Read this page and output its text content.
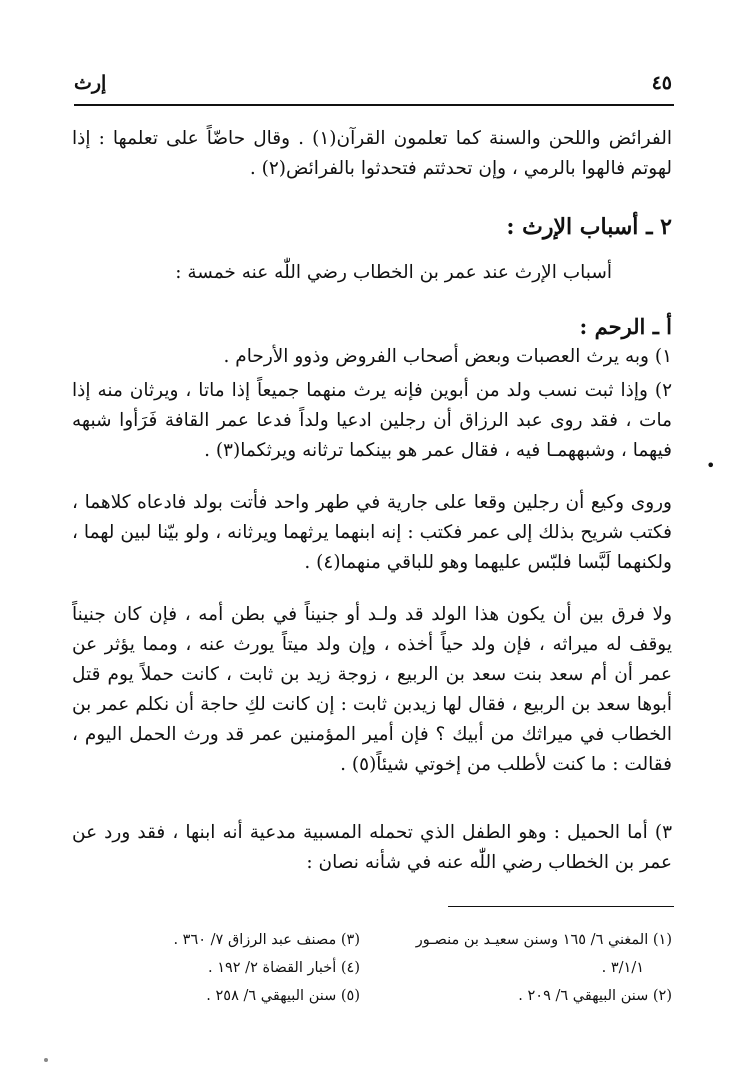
٤٥
إرث
الفرائض واللحن والسنة كما تعلمون القرآن(١) . وقال حاضّاً على تعلمها : إذا لهوتم فالهوا بالرمي ، وإن تحدثتم فتحدثوا بالفرائض(٢) .
٢ ـ أسباب الإرث :
أسباب الإرث عند عمر بن الخطاب رضي اللّٰه عنه خمسة :
أ ـ الرحم :
١) وبه يرث العصبات وبعض أصحاب الفروض وذوو الأرحام .
٢) وإذا ثبت نسب ولد من أبوين فإنه يرث منهما جميعاً إذا ماتا ، ويرثان منه إذا مات ، فقد روى عبد الرزاق أن رجلين ادعيا ولداً فدعا عمر القافة فَرَأوا شبهه فيهما ، وشبههمـا فيه ، فقال عمر هو بينكما ترثانه ويرثكما(٣) .
وروى وكيع أن رجلين وقعا على جارية في طهر واحد فأتت بولد فادعاه كلاهما ، فكتب شريح بذلك إلى عمر فكتب : إنه ابنهما يرثهما ويرثانه ، ولو بيّنا لبين لهما ، ولكنهما لَبَّسا فلبّس عليهما وهو للباقي منهما(٤) .
ولا فرق بين أن يكون هذا الولد قد ولـد أو جنيناً في بطن أمه ، فإن كان جنيناً يوقف له ميراثه ، فإن ولد حياً أخذه ، وإن ولد ميتاً يورث عنه ، ومما يؤثر عن عمر أن أم سعد بنت سعد بن الربيع ، زوجة زيد بن ثابت ، كانت حملاً يوم قتل أبوها سعد بن الربيع ، فقال لها زيدبن ثابت : إن كانت لكِ حاجة أن نكلم عمر بن الخطاب في ميراثك من أبيك ؟ فإن أمير المؤمنين عمر قد ورث الحمل اليوم ، فقالت : ما كنت لأطلب من إخوتي شيئاً(٥) .
٣) أما الحميل : وهو الطفل الذي تحمله المسبية مدعية أنه ابنها ، فقد ورد عن عمر بن الخطاب رضي اللّٰه عنه في شأنه نصان :
(١) المغني ٦/ ١٦٥ وسنن سعيـد بن منصـور
٣/١/١ .
(٢) سنن البيهقي ٦/ ٢٠٩ .
(٣) مصنف عبد الرزاق ٧/ ٣٦٠ .
(٤) أخبار القضاة ٢/ ١٩٢ .
(٥) سنن البيهقي ٦/ ٢٥٨ .
•
